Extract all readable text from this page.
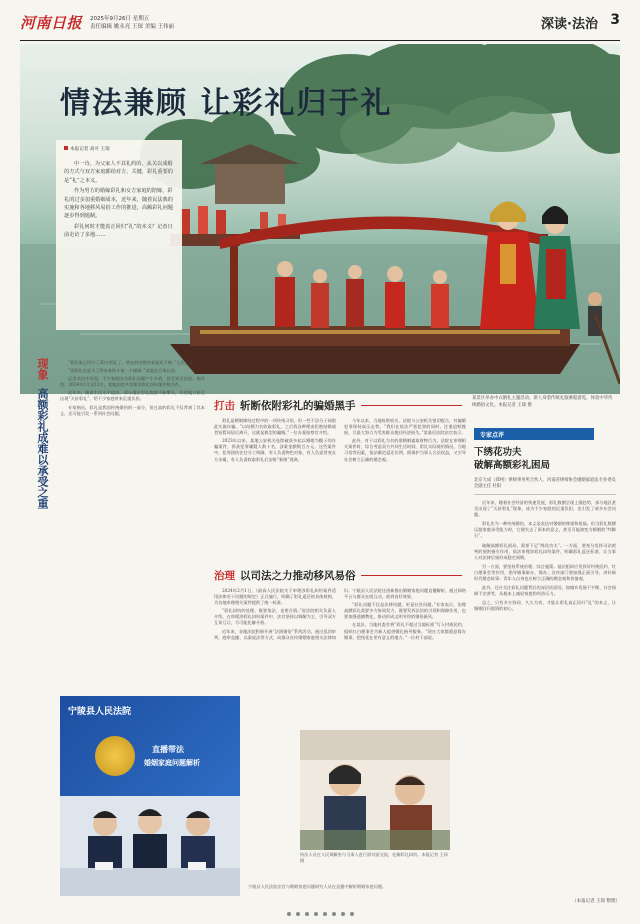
河南日报 2025年9月26日 星期五
责任编辑 姚永亮 王琛 美编 王伟丽	深读·法治 3
情法兼顾 让彩礼归于礼
本报记者 高可 王琛
中一诗，为父家人不其礼约的，从关以成婚的方式与双方家庭都给对方，关键，彩礼重要的是“礼”之本义。
作为男方的婚嫁彩礼和女方家庭的陪嫁，彩礼的过多加重婚姻成本，近年来，随着民法典的实施和各地移风易俗工作的推进，高额彩礼问题逐步得到遏制。
彩礼何时才能真正回归“礼”的本义？记者日前走访了多地……
某景区举办中式婚礼主题活动，新人身着传统礼服乘船游览，体验中华传统婚俗文化。本报记者 王琛 摄
现象
高额彩礼成难以承受之重

“我们家已经付了30万彩礼了，所在的结婚对象说还不够。”王先生说。

“要彩礼也是为了给未来的小家一个保障。”某地女方家长说。

记者采访中发现，不少家庭因为彩礼问题产生矛盾，甚至诉至法院。据介绍，2024年1月至12月，某地法院共受理涉彩礼纠纷案件数百件。

近年来，随着生活水平提高，部分地区彩礼数额不断攀升，有的地方甚至出现“天价彩礼”，给不少家庭带来沉重负担。

专家指出，彩礼是我国传统婚俗的一部分，但过高的彩礼不仅背离了其本义，还可能引发一系列社会问题。

宁陵县人民法院
直播带法
婚姻家庭问题解析
宁陵县人民法院法官与婚姻家庭问题研究人员在直播中解析婚姻家庭问题。
打击 斩断依附彩礼的骗婚黑手

彩礼是婚姻缔结过程中的一项传统习俗，但一些不法分子却借此实施诈骗。“以结婚为名收取彩礼，之后找各种理由拒绝结婚或者短暂同居后离开，这就是典型的骗婚。”一位办案检察官介绍。

2023年以来，某地公安机关连续破获多起以婚姻为幌子的诈骗案件，抓获犯罪嫌疑人数十名，涉案金额数百万元。这些案件中，犯罪团伙往往分工明确，有人负责物色对象，有人负责冒充女方亲属，有人负责收取彩礼后安排“新娘”逃离。

今年以来，当地检察机关、法院与公安机关密切配合，对骗婚犯罪保持高压态势。“我们在依法严惩犯罪的同时，注重追赃挽损，尽最大努力为受害群众挽回经济损失。”某基层法院法官表示。

此外，对于以彩礼为名的借婚姻索取财物行为，法院在审理相关案件时，综合考虑双方共同生活时间、彩礼实际使用情况、当地习俗等因素，依法确定返还比例，既保护当事人合法权益，又引导社会树立正确的婚恋观。

治理 以司法之力推动移风易俗

2024年2月1日，《最高人民法院关于审理涉彩礼纠纷案件适用法律若干问题的规定》正式施行，明确了彩礼返还的具体规则，为各地审理相关案件提供了统一标准。

“彩礼纠纷的处理，既要依法，也要合情。”省法院相关负责人介绍，在审理涉彩礼纠纷案件中，法官坚持以调解为主，引导双方互谅互让，尽可能化解矛盾。

近年来，各地法院积极开展“法润婚俗”系列活动，通过巡回审判、庭审直播、以案说法等方式，向群众宣传婚姻家庭相关法律知识。宁陵县人民法院还创新推出婚姻家庭问题直播解析，通过网络平台与群众在线互动，收到良好效果。

“彩礼问题不仅是法律问题，更是社会问题。”专家表示，治理高额彩礼需要多方协同发力，既要发挥法治的引领和保障作用，也要加强道德教化，推动形成文明节俭的婚俗新风。

在某县，当地村委会将“彩礼不超过当地标准”写入村规民约，组织红白理事会为新人提供婚礼指导服务。“现在大家都愿意简办婚事，把钱花在更有意义的地方。”一位村干部说。

执法人员在人民调解室与当事人进行面对面交流，化解彩礼纠纷。本报记者 王琛 摄
专家点评
下绣花功夫
破解高额彩礼困局
北京大成（郑州）律师事务所合伙人、河南省律师协会婚姻家庭法专业委员会副主任 杜阳

近年来，随着社会经济的快速发展，彩礼数额呈现上涨趋势，部分地区甚至出现了“天价彩礼”现象，成为不少家庭的沉重负担，也引发了诸多社会问题。

彩礼作为一种传统婚俗，本义是表达对婚姻的尊重和祝福。但当彩礼数额远超家庭承受能力时，它便失去了原本的意义，甚至可能演变为婚姻的“绊脚石”。

破解高额彩礼困局，需要下足“绣花功夫”。一方面，要充分发挥司法裁判的规则指引作用，依法审理涉彩礼纠纷案件，明确彩礼返还标准，让当事人对法律后果形成稳定预期。

另一方面，要坚持系统治理、综合施策。基层组织应发挥好村规民约、红白理事会等作用，倡导婚事新办、简办；宣传部门要加强正面引导，讲好新时代婚恋故事；青年人自身也应树立正确的婚恋观和价值观。

此外，还应关注彩礼问题背后的深层次原因，如城乡发展不平衡、社会保障不完善等，从根本上减轻家庭的经济压力。

总之，只有多方协同、久久为功，才能让彩礼真正回归“礼”的本义，让婚姻回归爱情的初心。

（本报记者 王琛 整理）
